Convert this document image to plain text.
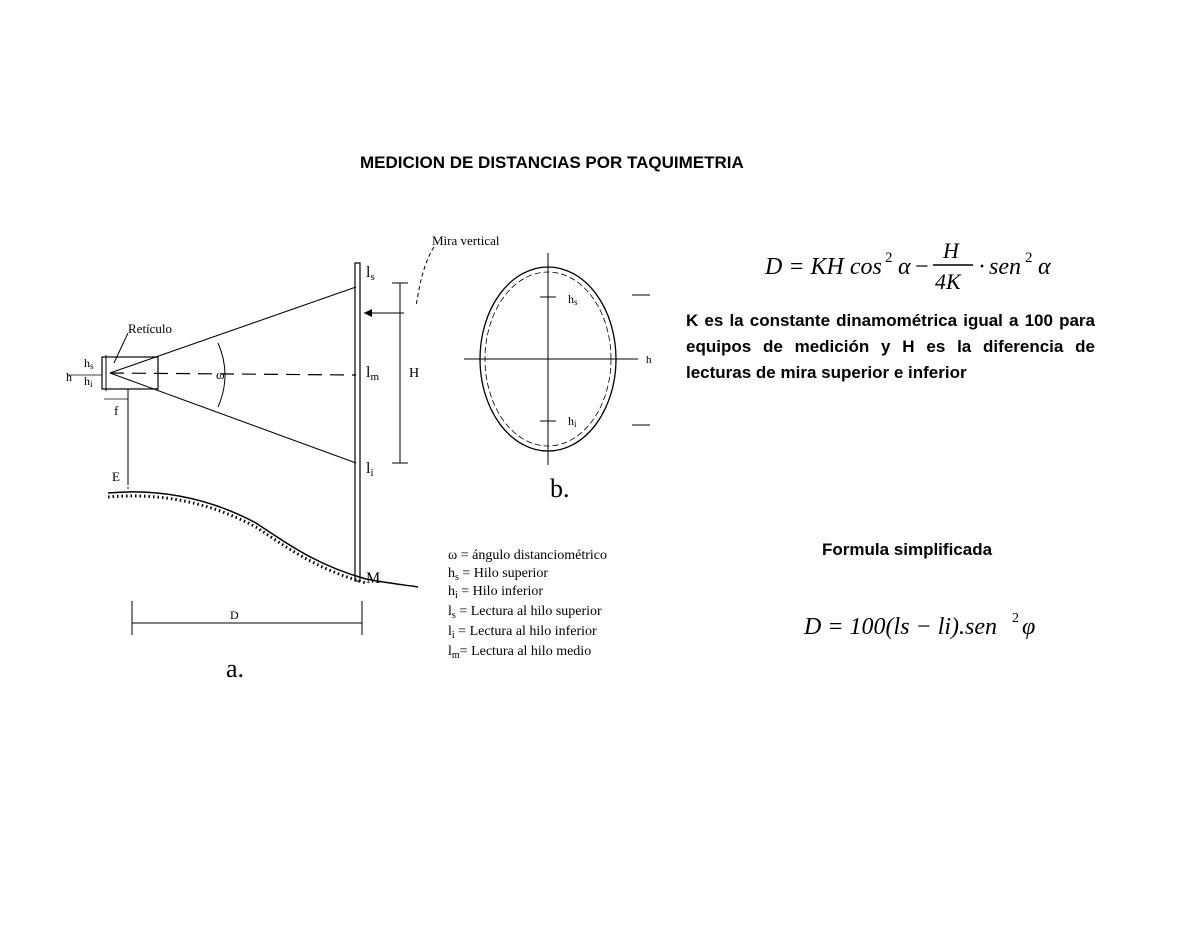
MEDICION DE DISTANCIAS POR TAQUIMETRIA
D = KH cos 2 α −
H
4K
· sen 2 α
K es la constante dinamométrica igual a 100 para equipos de medición y H es la diferencia de lecturas de mira superior e inferior
Formula simplificada
D = 100(ls − li).sen 2 φ
Mira vertical
Retículo
h
hs
hi
f
E
ω
ls
lm
li
H
M
D
a.
hs
hi
h
b.
ω = ángulo distanciométrico
$h_s$ = Hilo superior
$h_i$ = Hilo inferior
$l_s$ = Lectura al hilo superior
$l_i$ = Lectura al hilo inferior
$l_m=$ Lectura al hilo medio
